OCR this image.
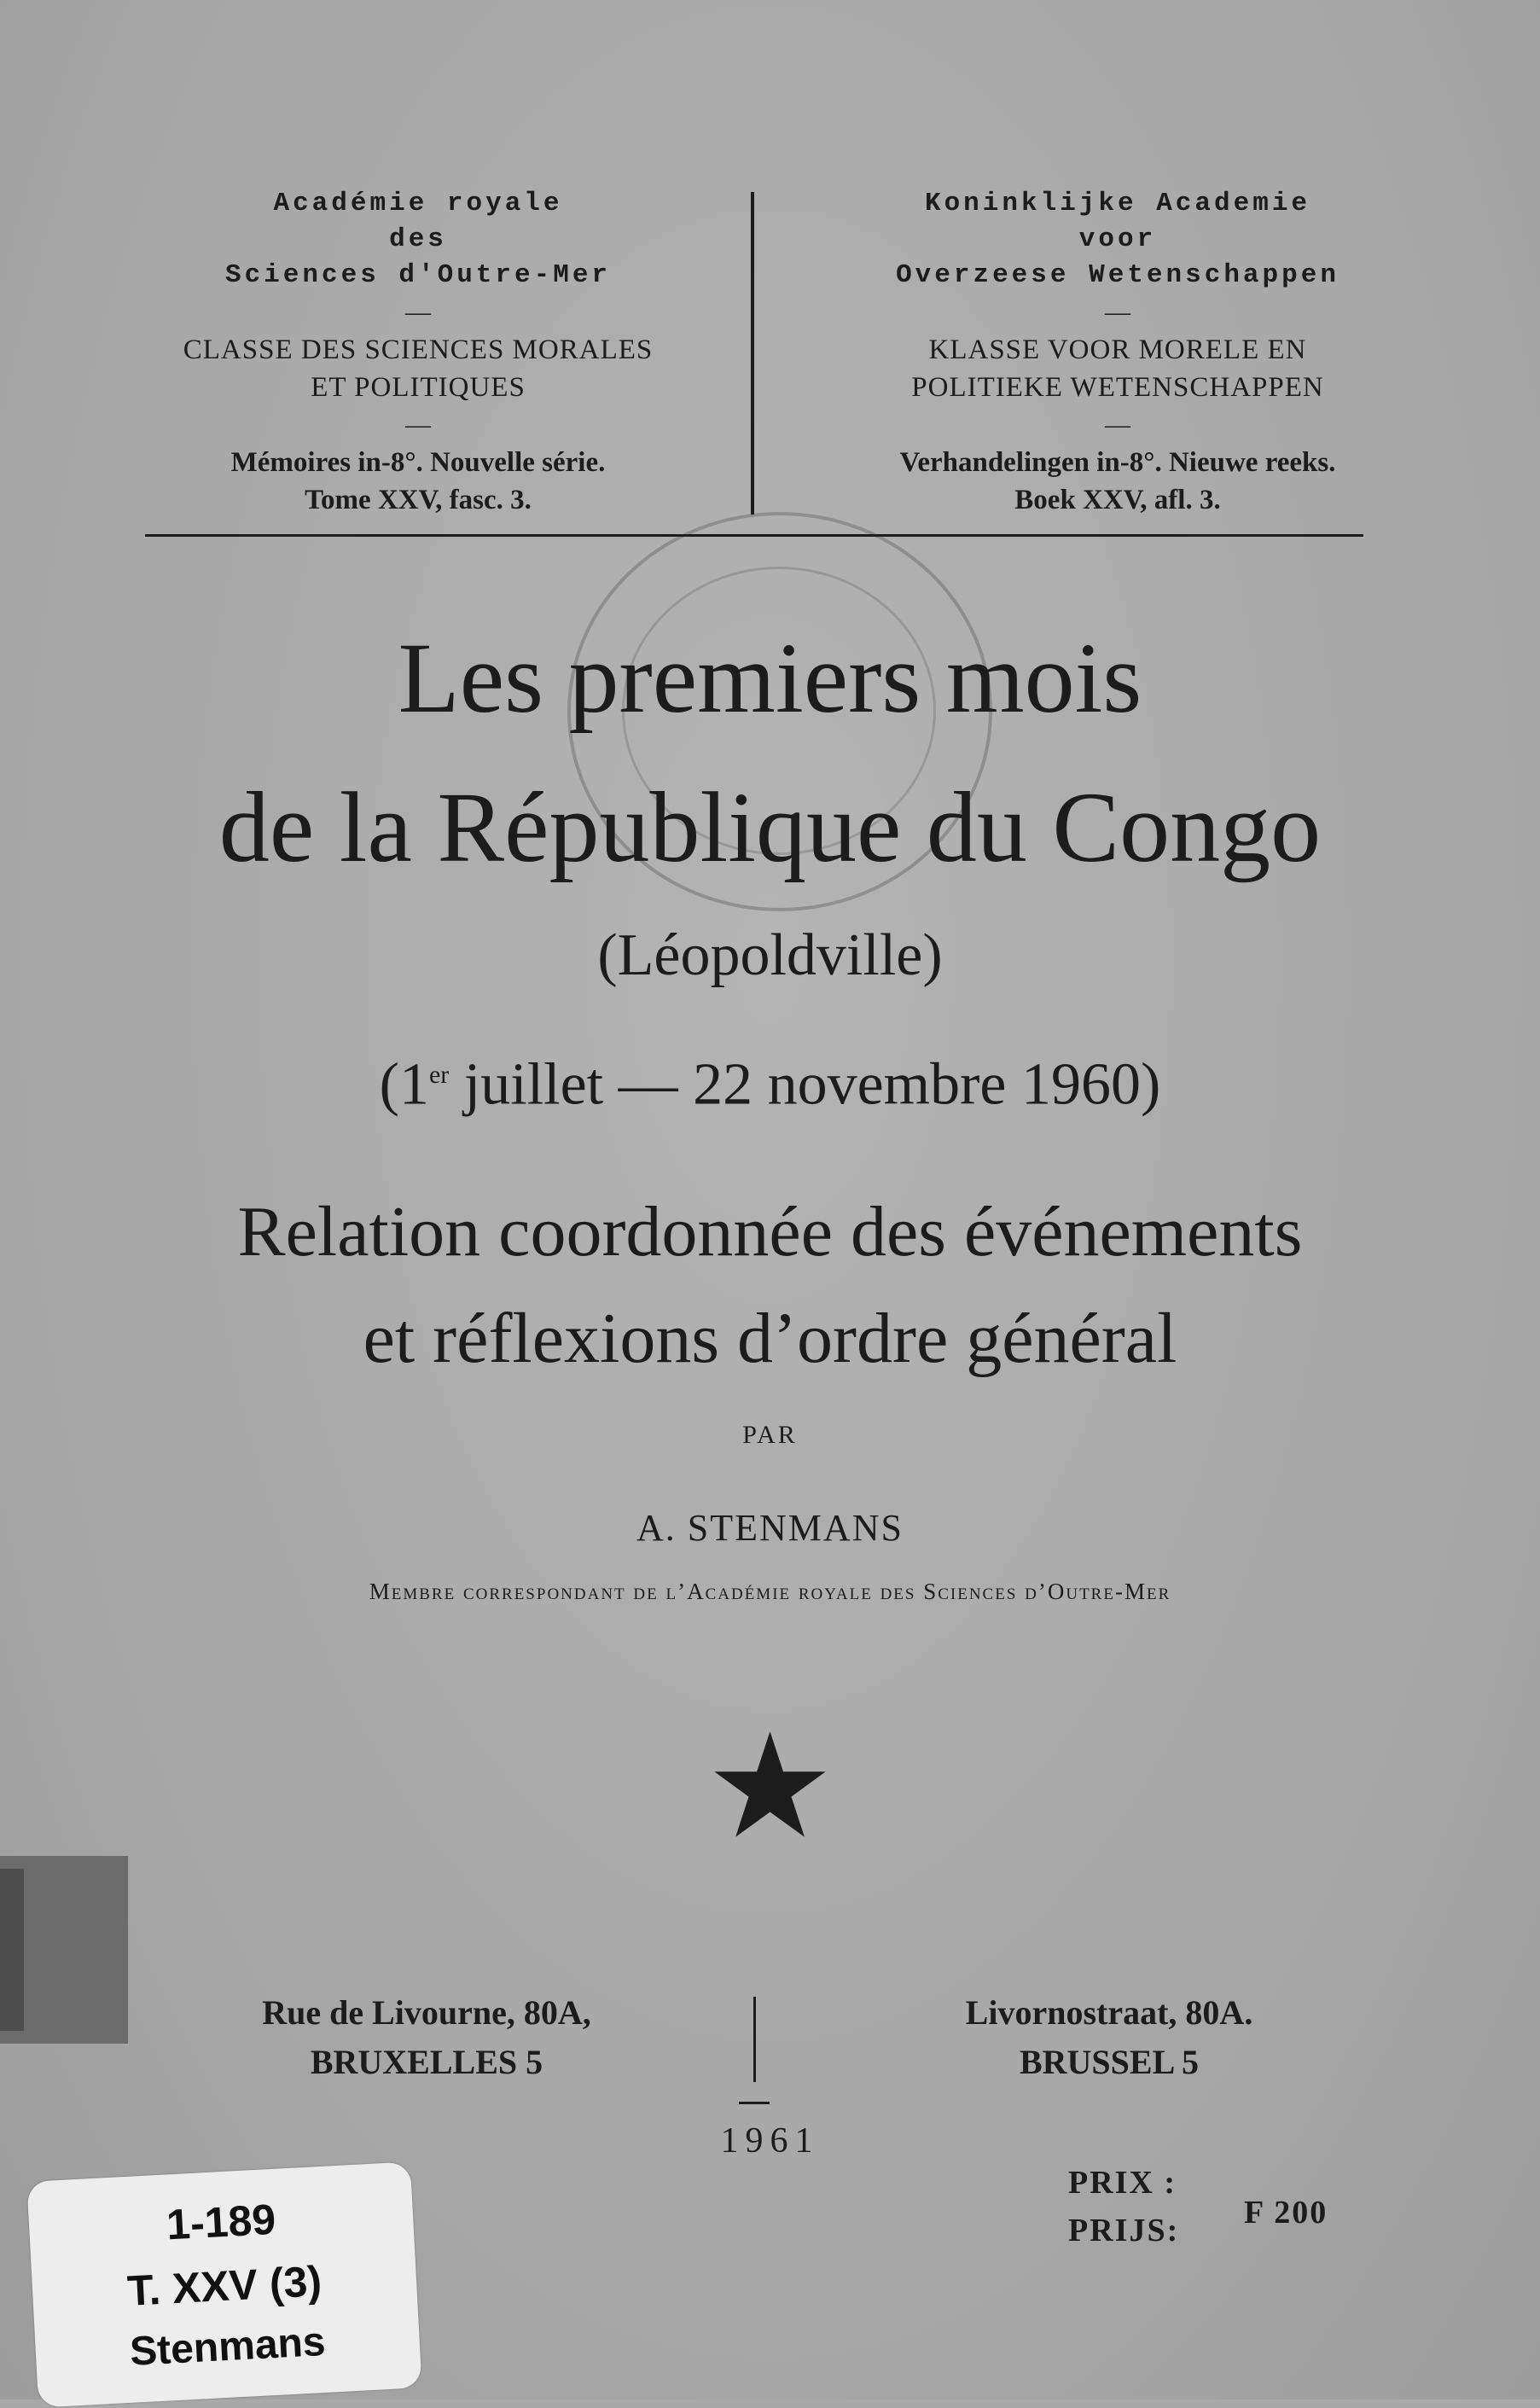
Académie royale
des
Sciences d'Outre-Mer
—
CLASSE DES SCIENCES MORALES
ET POLITIQUES
—
Mémoires in-8°. Nouvelle série.
Tome XXV, fasc. 3.
Koninklijke Academie
voor
Overzeese Wetenschappen
—
KLASSE VOOR MORELE EN
POLITIEKE WETENSCHAPPEN
—
Verhandelingen in-8°. Nieuwe reeks.
Boek XXV, afl. 3.
Les premiers mois
de la République du Congo
(Léopoldville)
(1er juillet — 22 novembre 1960)
Relation coordonnée des événements
et réflexions d’ordre général
PAR
A. STENMANS
Membre correspondant de l’Académie royale des Sciences d’Outre-Mer
★
Rue de Livourne, 80A,
BRUXELLES 5
Livornostraat, 80A.
BRUSSEL 5
1961
PRIX :
PRIJS:	F 200
1-189
T. XXV (3)
Stenmans
